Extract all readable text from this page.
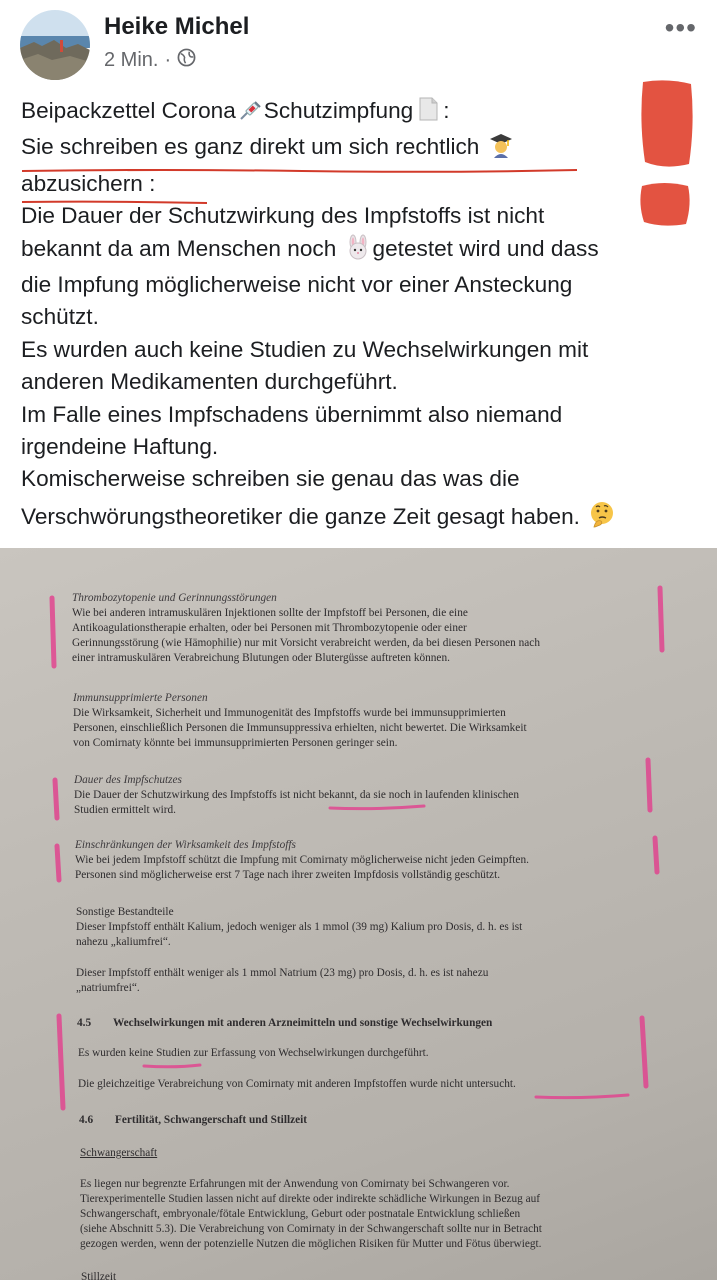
Heike Michel
2 Min. ·
•••

Beipackzettel Corona Schutzimpfung :

Sie schreiben es ganz direkt um sich rechtlich

abzusichern :

Die Dauer der Schutzwirkung des Impfstoffs ist nicht

bekannt da am Menschen noch getestet wird und dass

die Impfung möglicherweise nicht vor einer Ansteckung

schützt.

Es wurden auch keine Studien zu Wechselwirkungen mit

anderen Medikamenten durchgeführt.

Im Falle eines Impfschadens übernimmt also niemand

irgendeine Haftung.

Komischerweise schreiben sie genau das was die

Verschwörungstheoretiker die ganze Zeit gesagt haben.

Thrombozytopenie und Gerinnungsstörungen
Wie bei anderen intramuskulären Injektionen sollte der Impfstoff bei Personen, die eine
Antikoagulationstherapie erhalten, oder bei Personen mit Thrombozytopenie oder einer
Gerinnungsstörung (wie Hämophilie) nur mit Vorsicht verabreicht werden, da bei diesen Personen nach
einer intramuskulären Verabreichung Blutungen oder Blutergüsse auftreten können.
Immunsupprimierte Personen
Die Wirksamkeit, Sicherheit und Immunogenität des Impfstoffs wurde bei immunsupprimierten
Personen, einschließlich Personen die Immunsuppressiva erhielten, nicht bewertet. Die Wirksamkeit
von Comirnaty könnte bei immunsupprimierten Personen geringer sein.
Dauer des Impfschutzes
Die Dauer der Schutzwirkung des Impfstoffs ist nicht bekannt, da sie noch in laufenden klinischen
Studien ermittelt wird.
Einschränkungen der Wirksamkeit des Impfstoffs
Wie bei jedem Impfstoff schützt die Impfung mit Comirnaty möglicherweise nicht jeden Geimpften.
Personen sind möglicherweise erst 7 Tage nach ihrer zweiten Impfdosis vollständig geschützt.
Sonstige Bestandteile
Dieser Impfstoff enthält Kalium, jedoch weniger als 1 mmol (39 mg) Kalium pro Dosis, d. h. es ist
nahezu „kaliumfrei“.
Dieser Impfstoff enthält weniger als 1 mmol Natrium (23 mg) pro Dosis, d. h. es ist nahezu
„natriumfrei“.
4.5 Wechselwirkungen mit anderen Arzneimitteln und sonstige Wechselwirkungen
Es wurden keine Studien zur Erfassung von Wechselwirkungen durchgeführt.
Die gleichzeitige Verabreichung von Comirnaty mit anderen Impfstoffen wurde nicht untersucht.
4.6 Fertilität, Schwangerschaft und Stillzeit
Schwangerschaft
Es liegen nur begrenzte Erfahrungen mit der Anwendung von Comirnaty bei Schwangeren vor.
Tierexperimentelle Studien lassen nicht auf direkte oder indirekte schädliche Wirkungen in Bezug auf
Schwangerschaft, embryonale/fötale Entwicklung, Geburt oder postnatale Entwicklung schließen
(siehe Abschnitt 5.3). Die Verabreichung von Comirnaty in der Schwangerschaft sollte nur in Betracht
gezogen werden, wenn der potenzielle Nutzen die möglichen Risiken für Mutter und Fötus überwiegt.
Stillzeit
